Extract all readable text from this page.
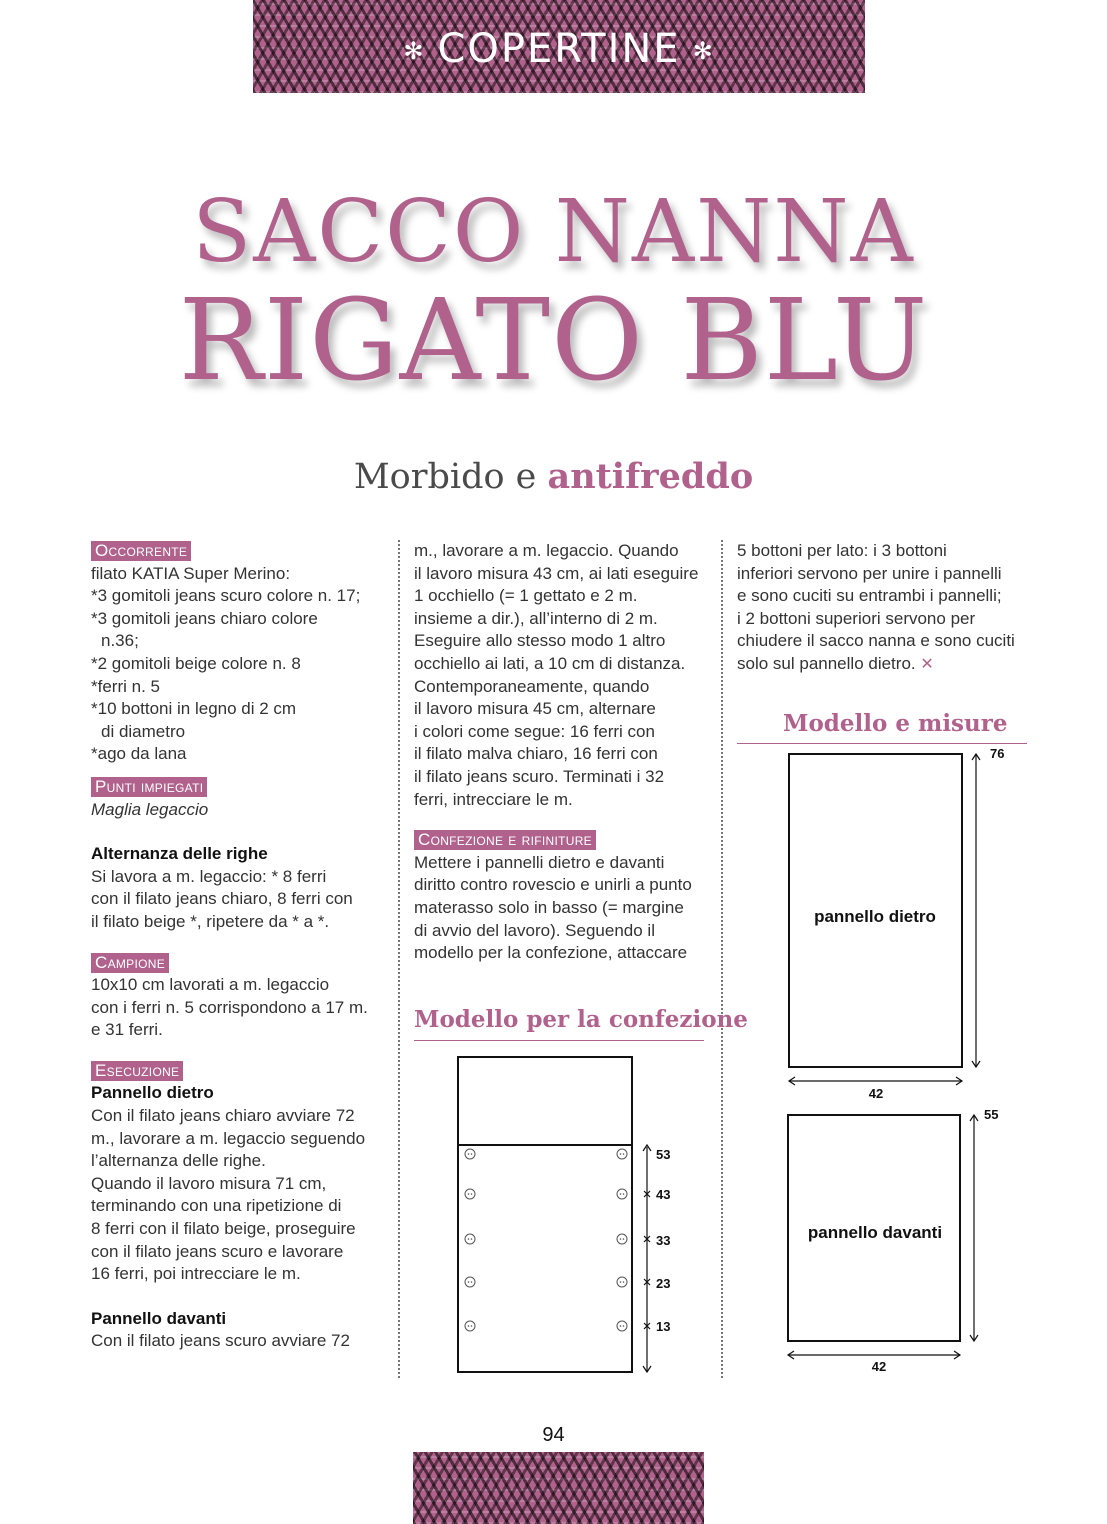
✻ COPERTINE ✻
SACCO NANNA
RIGATO BLU
Morbido e antifreddo
Occorrente

filato KATIA Super Merino:

*3 gomitoli jeans scuro colore n. 17;

*3 gomitoli jeans chiaro colore

n.36;

*2 gomitoli beige colore n. 8

*ferri n. 5

*10 bottoni in legno di 2 cm

di diametro

*ago da lana

Punti impiegati

Maglia legaccio

Alternanza delle righe

Si lavora a m. legaccio: * 8 ferri

con il filato jeans chiaro, 8 ferri con

il filato beige *, ripetere da * a *.

Campione

10x10 cm lavorati a m. legaccio

con i ferri n. 5 corrispondono a 17 m.

e 31 ferri.

Esecuzione

Pannello dietro

Con il filato jeans chiaro avviare 72

m., lavorare a m. legaccio seguendo

l’alternanza delle righe.

Quando il lavoro misura 71 cm,

terminando con una ripetizione di

8 ferri con il filato beige, proseguire

con il filato jeans scuro e lavorare

16 ferri, poi intrecciare le m.

Pannello davanti

Con il filato jeans scuro avviare 72

m., lavorare a m. legaccio. Quando

il lavoro misura 43 cm, ai lati eseguire

1 occhiello (= 1 gettato e 2 m.

insieme a dir.), all’interno di 2 m.

Eseguire allo stesso modo 1 altro

occhiello ai lati, a 10 cm di distanza.

Contemporaneamente, quando

il lavoro misura 45 cm, alternare

i colori come segue: 16 ferri con

il filato malva chiaro, 16 ferri con

il filato jeans scuro. Terminati i 32

ferri, intrecciare le m.

Confezione e rifiniture

Mettere i pannelli dietro e davanti

diritto contro rovescio e unirli a punto

materasso solo in basso (= margine

di avvio del lavoro). Seguendo il

modello per la confezione, attaccare

5 bottoni per lato: i 3 bottoni

inferiori servono per unire i pannelli

e sono cuciti su entrambi i pannelli;

i 2 bottoni superiori servono per

chiudere il sacco nanna e sono cuciti

solo sul pannello dietro. ✕

Modello per la confezione
53
43
33
23
13
Modello e misure
pannello dietro
76
42
pannello davanti
55
42
94
